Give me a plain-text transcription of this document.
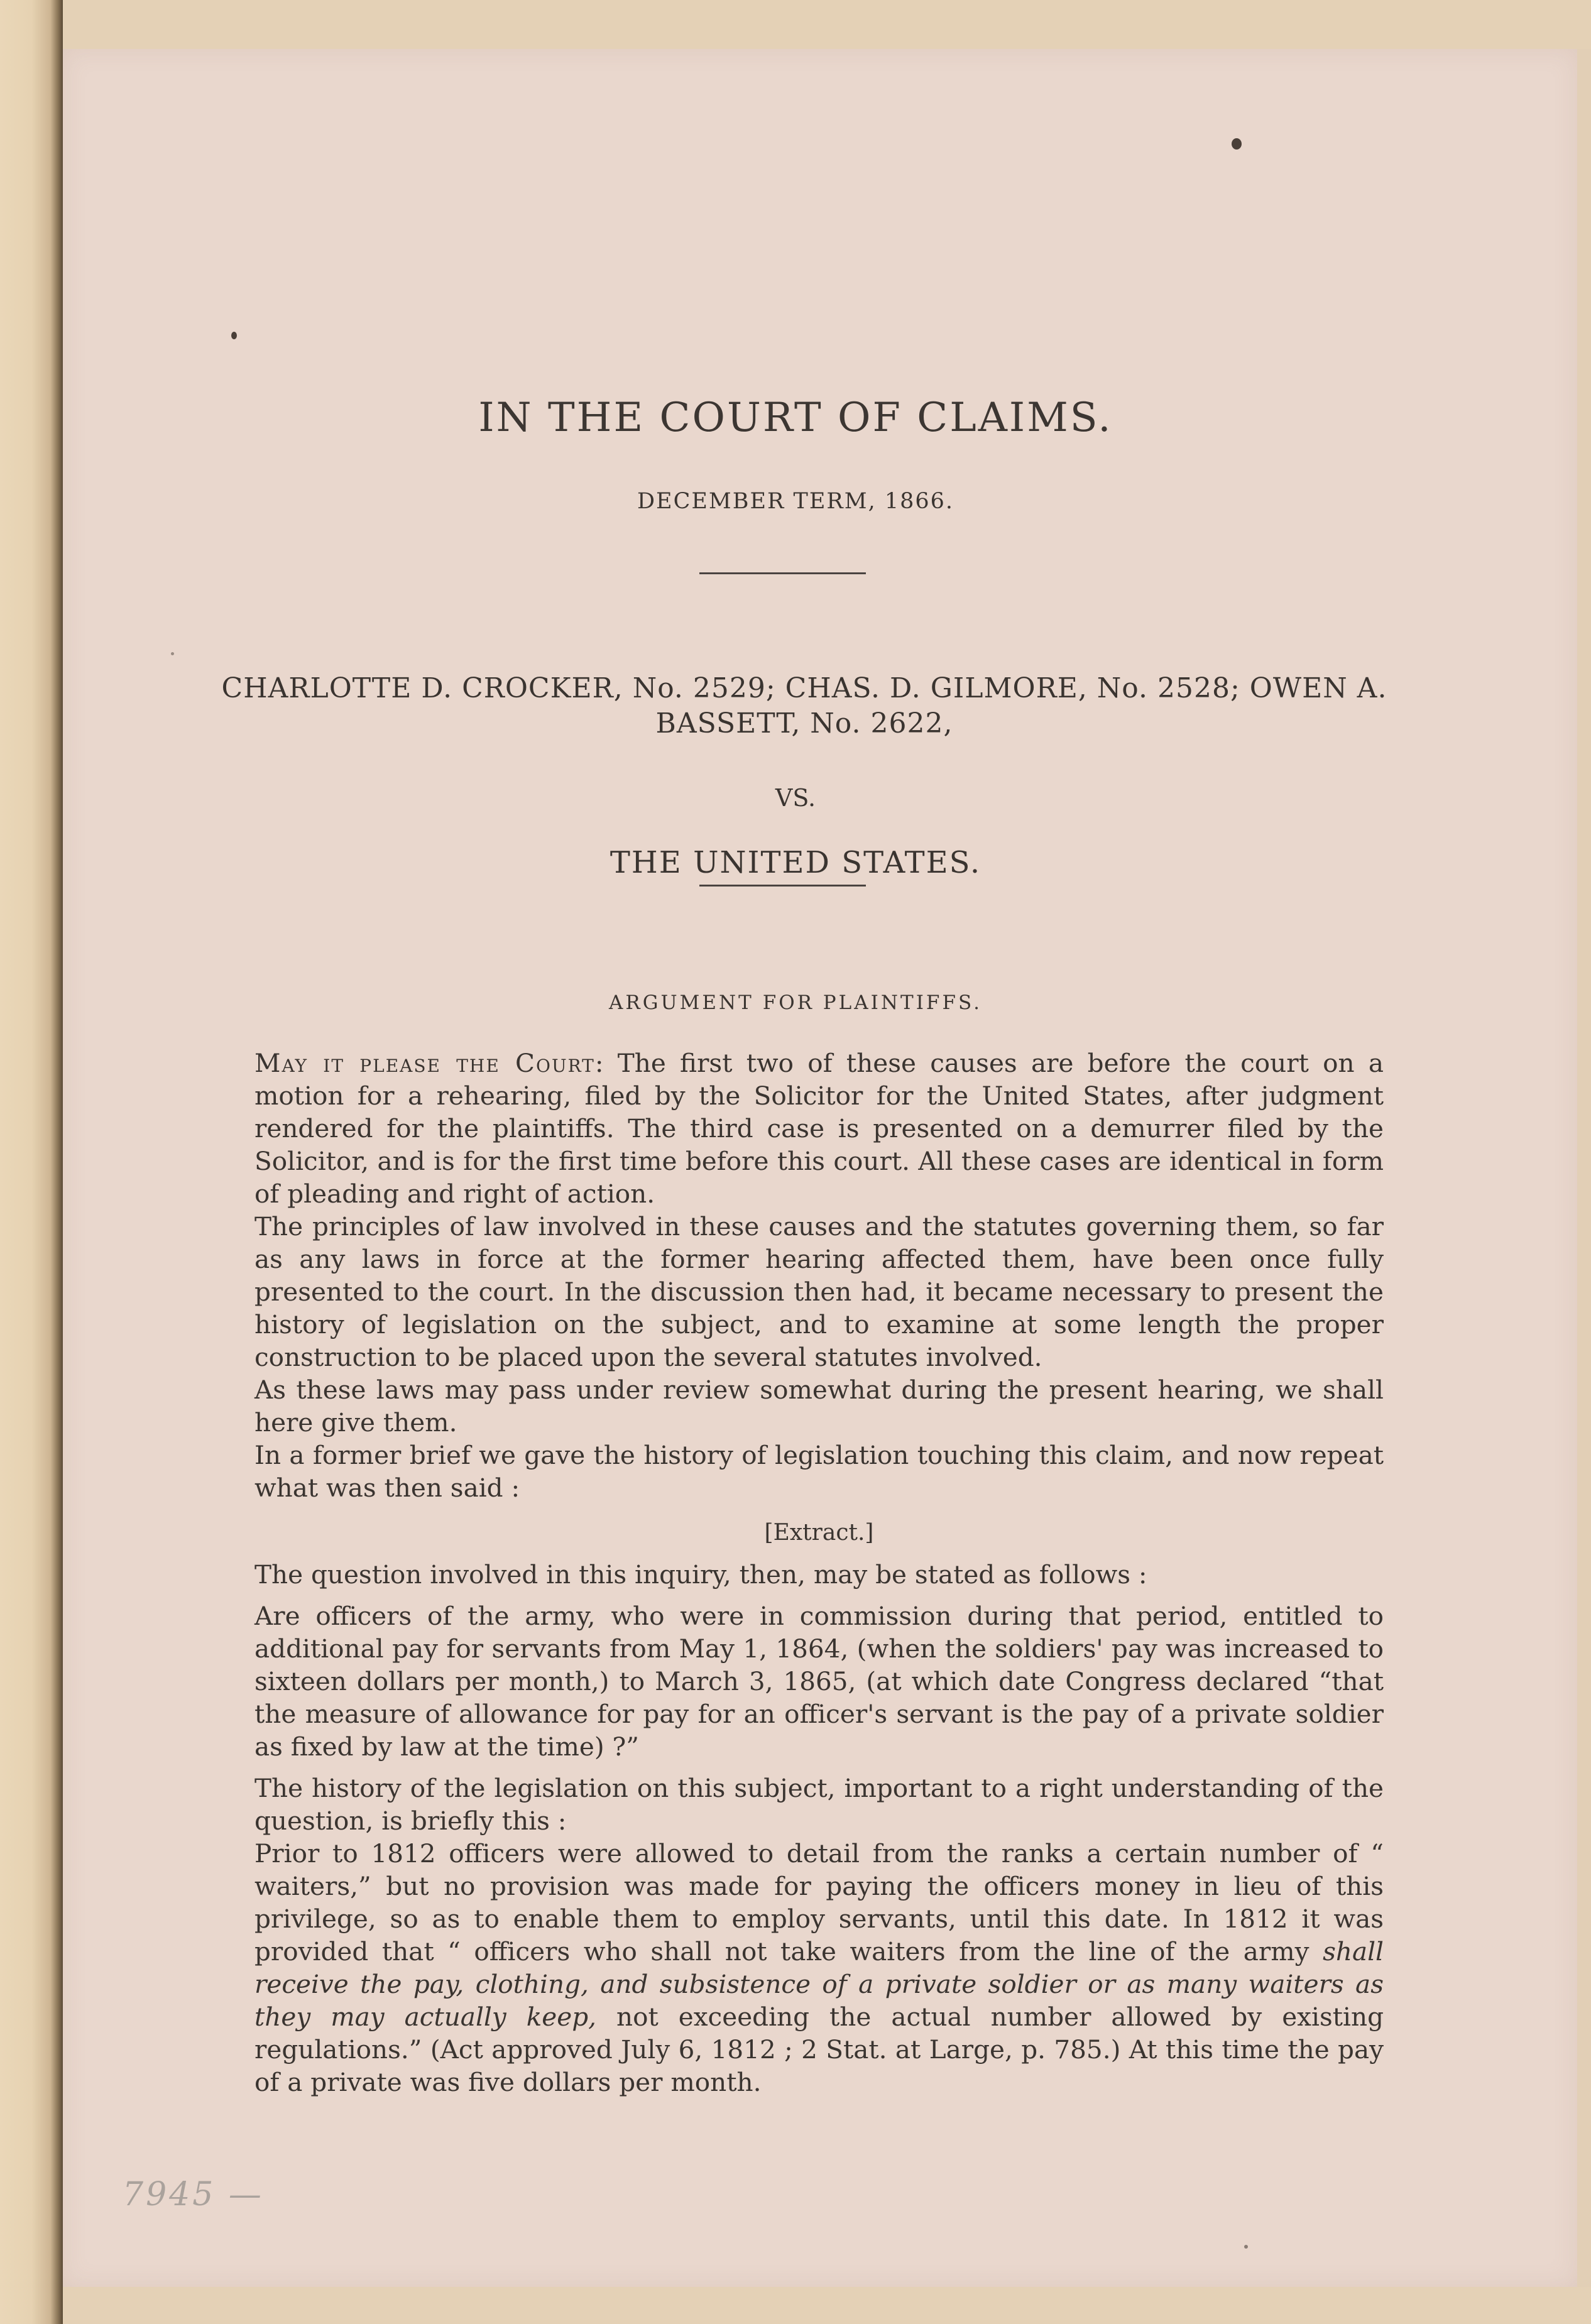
IN THE COURT OF CLAIMS.
DECEMBER TERM, 1866.
CHARLOTTE D. CROCKER, No. 2529; CHAS. D. GILMORE, No. 2528; OWEN A. BASSETT, No. 2622,
VS.
THE UNITED STATES.
ARGUMENT FOR PLAINTIFFS.

May it please the Court: The first two of these causes are before the court on a motion for a rehearing, filed by the Solicitor for the United States, after judgment rendered for the plaintiffs. The third case is presented on a demurrer filed by the Solicitor, and is for the first time before this court. All these cases are identical in form of pleading and right of action.

The principles of law involved in these causes and the statutes governing them, so far as any laws in force at the former hearing affected them, have been once fully presented to the court. In the discussion then had, it became necessary to present the history of legislation on the subject, and to examine at some length the proper construction to be placed upon the several statutes involved.

As these laws may pass under review somewhat during the present hearing, we shall here give them.

In a former brief we gave the history of legislation touching this claim, and now repeat what was then said :

[Extract.]

The question involved in this inquiry, then, may be stated as follows :

Are officers of the army, who were in commission during that period, entitled to additional pay for servants from May 1, 1864, (when the soldiers' pay was increased to sixteen dollars per month,) to March 3, 1865, (at which date Congress declared “that the measure of allowance for pay for an officer's servant is the pay of a private soldier as fixed by law at the time) ?”

The history of the legislation on this subject, important to a right understanding of the question, is briefly this :

Prior to 1812 officers were allowed to detail from the ranks a certain number of “ waiters,” but no provision was made for paying the officers money in lieu of this privilege, so as to enable them to employ servants, until this date. In 1812 it was provided that “ officers who shall not take waiters from the line of the army shall receive the pay, clothing, and subsistence of a private soldier or as many waiters as they may actually keep, not exceeding the actual number allowed by existing regulations.” (Act approved July 6, 1812 ; 2 Stat. at Large, p. 785.) At this time the pay of a private was five dollars per month.

7945 —
